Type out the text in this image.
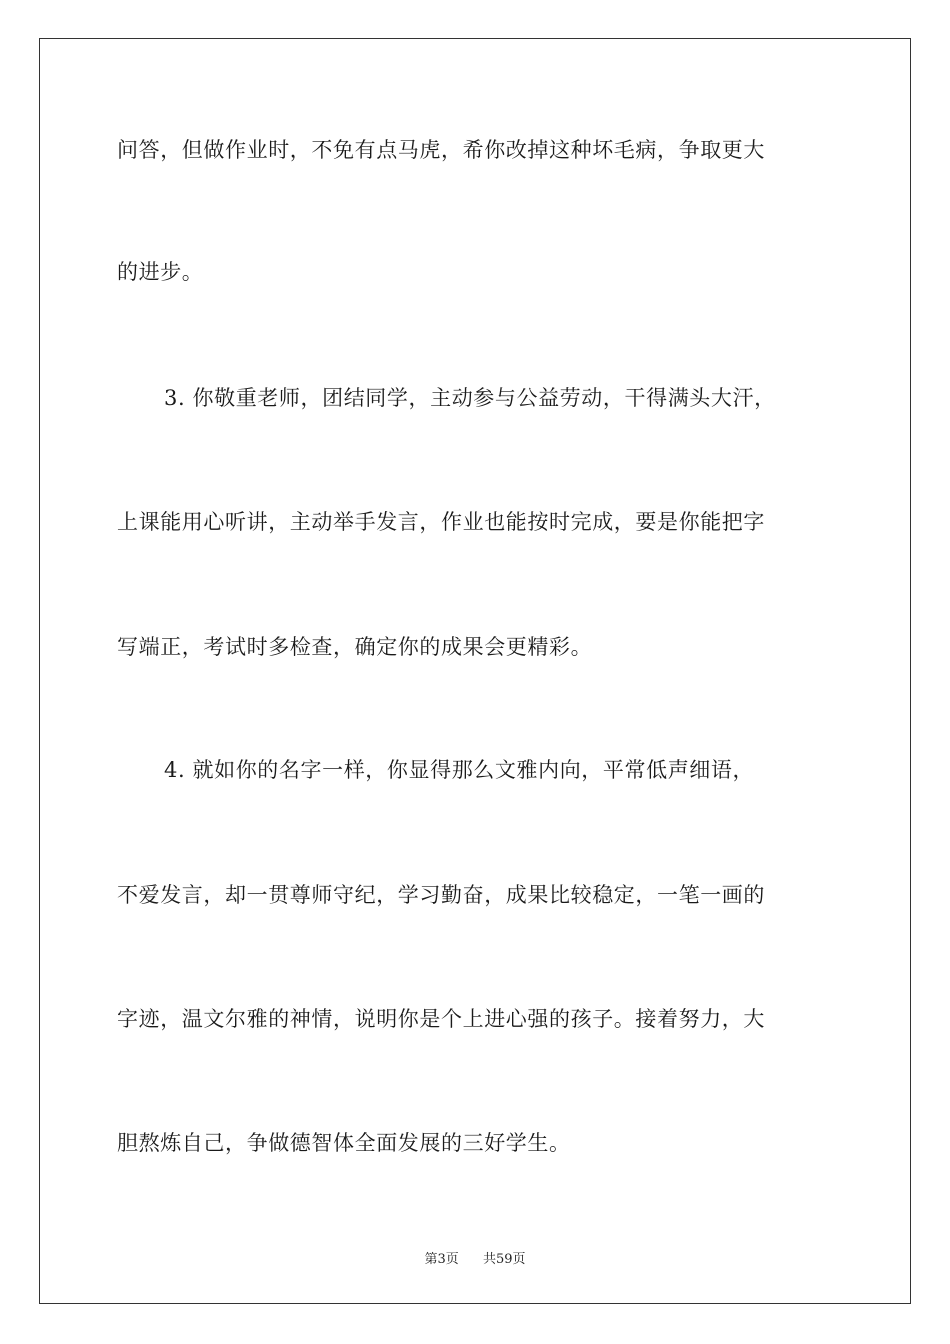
问答，但做作业时，不免有点马虎，希你改掉这种坏毛病，争取更大
的进步。
3. 你敬重老师，团结同学，主动参与公益劳动，干得满头大汗，
上课能用心听讲，主动举手发言，作业也能按时完成，要是你能把字
写端正，考试时多检查，确定你的成果会更精彩。
4. 就如你的名字一样，你显得那么文雅内向，平常低声细语，
不爱发言，却一贯尊师守纪，学习勤奋，成果比较稳定，一笔一画的
字迹，温文尔雅的神情，说明你是个上进心强的孩子。接着努力，大
胆熬炼自己，争做德智体全面发展的三好学生。
第3页 共59页
